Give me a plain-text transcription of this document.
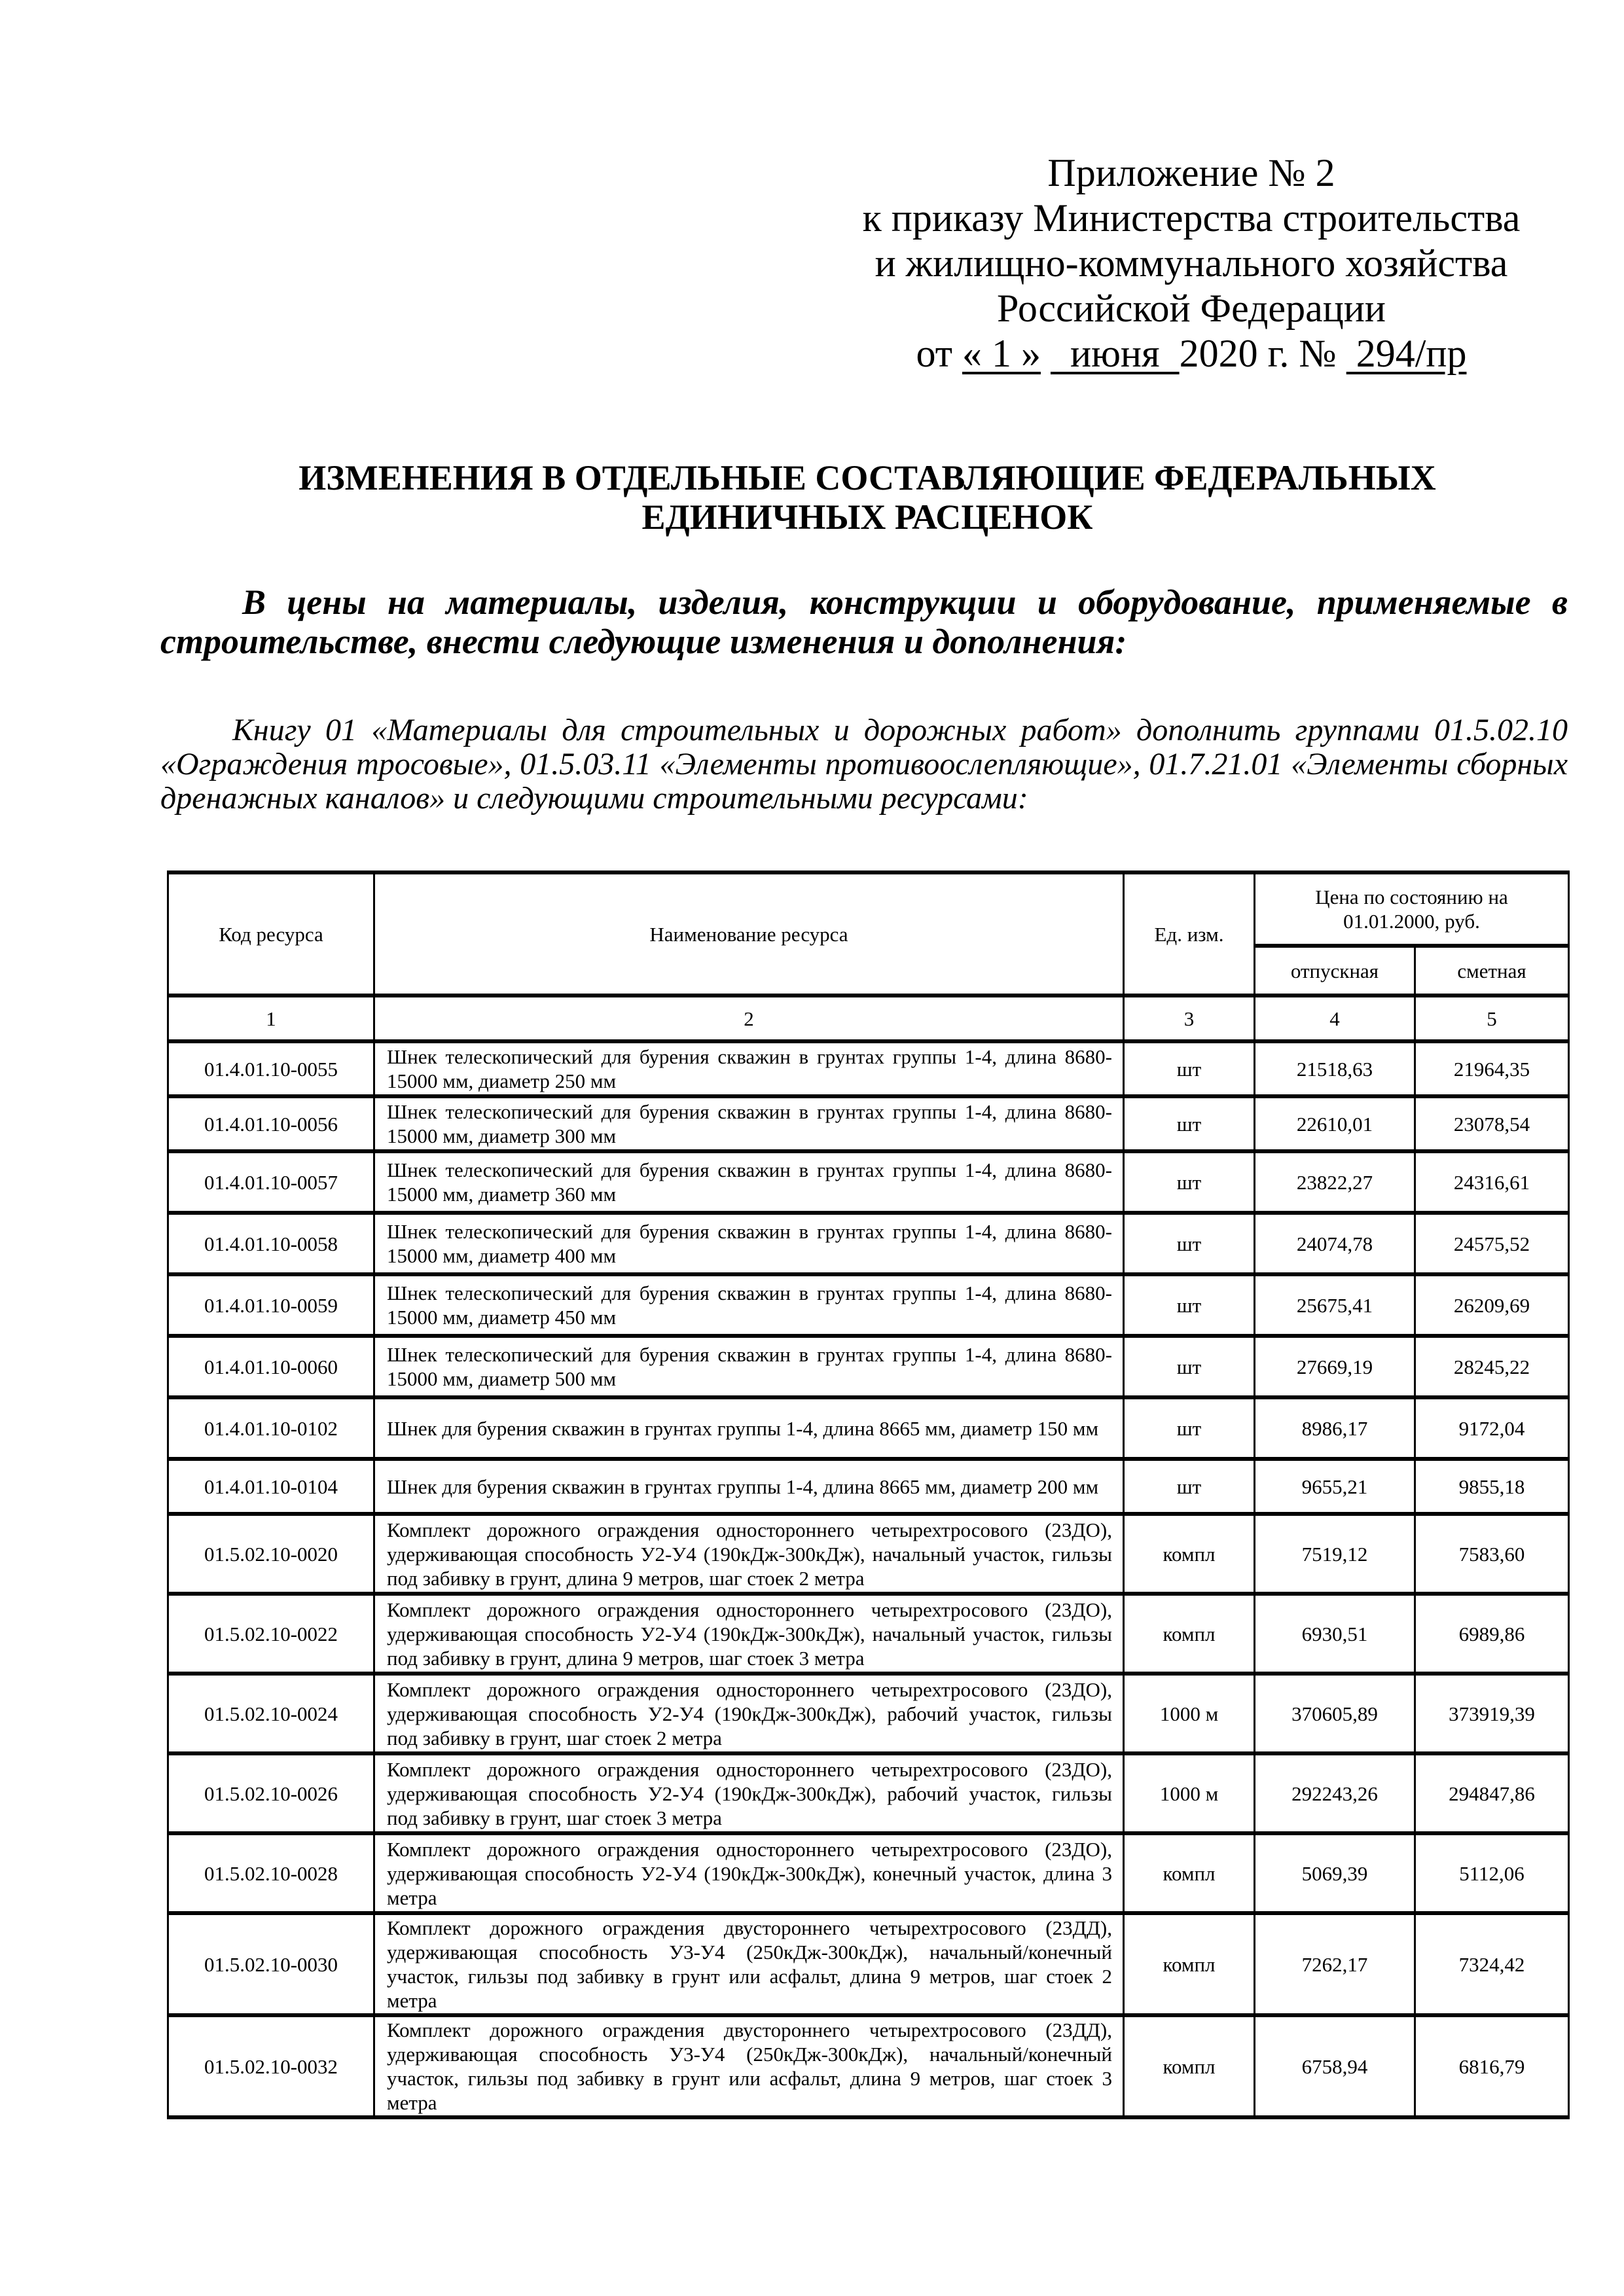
Приложение № 2
к приказу Министерства строительства
и жилищно-коммунального хозяйства
Российской Федерации
от « 1 »   июня  2020 г. №  294/пр
ИЗМЕНЕНИЯ В ОТДЕЛЬНЫЕ СОСТАВЛЯЮЩИЕ ФЕДЕРАЛЬНЫХ
ЕДИНИЧНЫХ РАСЦЕНОК
В цены на материалы, изделия, конструкции и оборудование, применяемые в строительстве, внести следующие изменения и дополнения:
Книгу 01 «Материалы для строительных и дорожных работ» дополнить группами 01.5.02.10 «Ограждения тросовые», 01.5.03.11 «Элементы противоослепляющие», 01.7.21.01 «Элементы сборных дренажных каналов» и следующими строительными ресурсами:
Код ресурса	Наименование ресурса	Ед. изм.	Цена по состоянию на 01.01.2000, руб.	
			отпускная	сметная
1	2	3	4	5
01.4.01.10-0055	Шнек телескопический для бурения скважин в грунтах группы 1-4, длина 8680-15000 мм, диаметр 250 мм	шт	21518,63	21964,35
01.4.01.10-0056	Шнек телескопический для бурения скважин в грунтах группы 1-4, длина 8680-15000 мм, диаметр 300 мм	шт	22610,01	23078,54
01.4.01.10-0057	Шнек телескопический для бурения скважин в грунтах группы 1-4, длина 8680-15000 мм, диаметр 360 мм	шт	23822,27	24316,61
01.4.01.10-0058	Шнек телескопический для бурения скважин в грунтах группы 1-4, длина 8680-15000 мм, диаметр 400 мм	шт	24074,78	24575,52
01.4.01.10-0059	Шнек телескопический для бурения скважин в грунтах группы 1-4, длина 8680-15000 мм, диаметр 450 мм	шт	25675,41	26209,69
01.4.01.10-0060	Шнек телескопический для бурения скважин в грунтах группы 1-4, длина 8680-15000 мм, диаметр 500 мм	шт	27669,19	28245,22
01.4.01.10-0102	Шнек для бурения скважин в грунтах группы 1-4, длина 8665 мм, диаметр 150 мм	шт	8986,17	9172,04
01.4.01.10-0104	Шнек для бурения скважин в грунтах группы 1-4, длина 8665 мм, диаметр 200 мм	шт	9655,21	9855,18
01.5.02.10-0020	Комплект дорожного ограждения одностороннего четырехтросового (23ДО), удерживающая способность У2-У4 (190кДж-300кДж), начальный участок, гильзы под забивку в грунт, длина 9 метров, шаг стоек 2 метра	компл	7519,12	7583,60
01.5.02.10-0022	Комплект дорожного ограждения одностороннего четырехтросового (23ДО), удерживающая способность У2-У4 (190кДж-300кДж), начальный участок, гильзы под забивку в грунт, длина 9 метров, шаг стоек 3 метра	компл	6930,51	6989,86
01.5.02.10-0024	Комплект дорожного ограждения одностороннего четырехтросового (23ДО), удерживающая способность У2-У4 (190кДж-300кДж), рабочий участок, гильзы под забивку в грунт, шаг стоек 2 метра	1000 м	370605,89	373919,39
01.5.02.10-0026	Комплект дорожного ограждения одностороннего четырехтросового (23ДО), удерживающая способность У2-У4 (190кДж-300кДж), рабочий участок, гильзы под забивку в грунт, шаг стоек 3 метра	1000 м	292243,26	294847,86
01.5.02.10-0028	Комплект дорожного ограждения одностороннего четырехтросового (23ДО), удерживающая способность У2-У4 (190кДж-300кДж), конечный участок, длина 3 метра	компл	5069,39	5112,06
01.5.02.10-0030	Комплект дорожного ограждения двустороннего четырехтросового (23ДД), удерживающая способность У3-У4 (250кДж-300кДж), начальный/конечный участок, гильзы под забивку в грунт или асфальт, длина 9 метров, шаг стоек 2 метра	компл	7262,17	7324,42
01.5.02.10-0032	Комплект дорожного ограждения двустороннего четырехтросового (23ДД), удерживающая способность У3-У4 (250кДж-300кДж), начальный/конечный участок, гильзы под забивку в грунт или асфальт, длина 9 метров, шаг стоек 3 метра	компл	6758,94	6816,79
